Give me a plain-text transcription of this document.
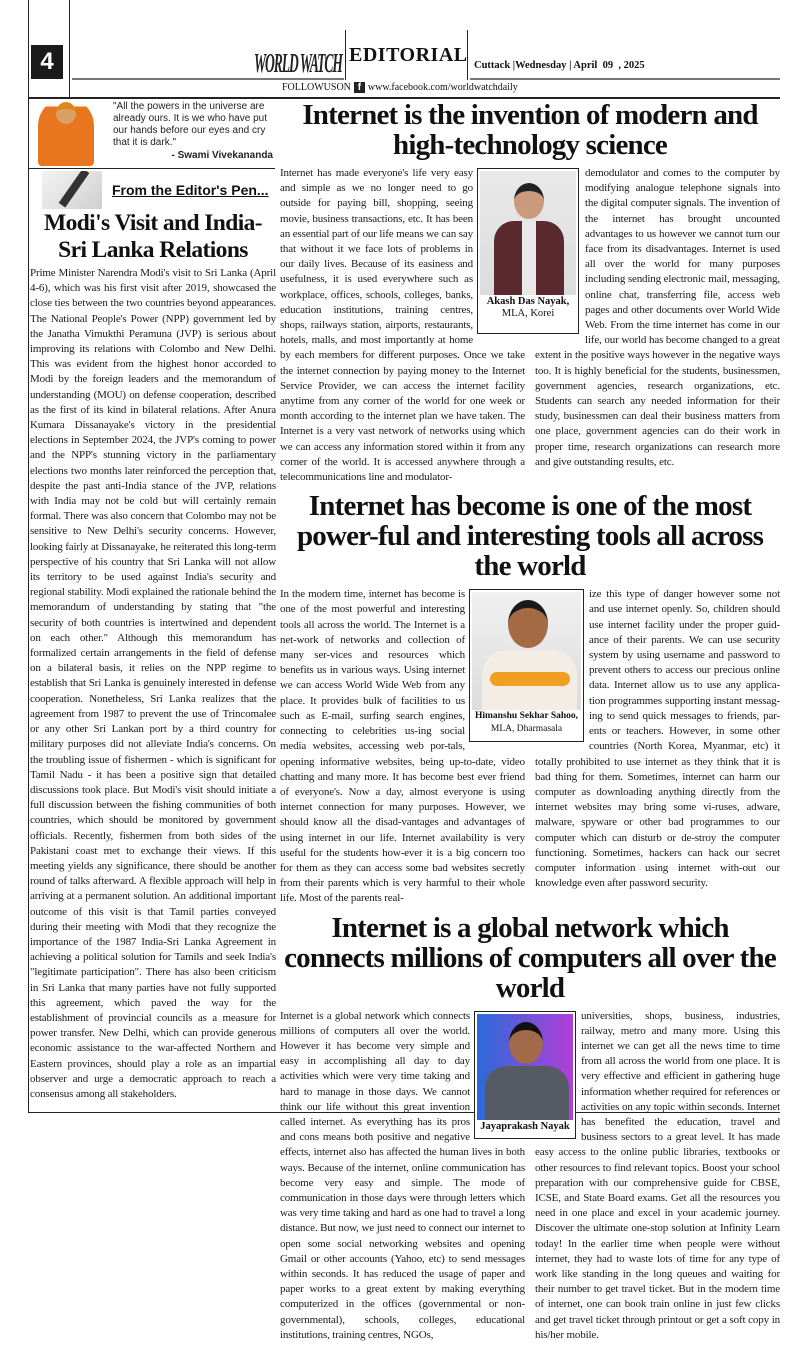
4	WORLD WATCH EDITORIAL Cuttack |Wednesday | April  09  , 2025
FOLLOWUSON f www.facebook.com/worldwatchdaily
"All the powers in the universe are already ours. It is we who have put our hands before our eyes and cry that it is dark."
- Swami Vivekananda
From the Editor's Pen...
Modi's Visit and India-Sri Lanka Relations
Prime Minister Narendra Modi's visit to Sri Lanka (April 4-6), which was his first visit after 2019, showcased the close ties between the two countries beyond appearances. The National People's Power (NPP) government led by the Janatha Vimukthi Peramuna (JVP) is serious about improving its relations with Colombo and New Delhi. This was evident from the highest honor accorded to Modi by the foreign leaders and the memorandum of understanding (MOU) on defense cooperation, described as the first of its kind in bilateral relations. After Anura Kumara Dissanayake's victory in the presidential elections in September 2024, the JVP's coming to power and the NPP's stunning victory in the parliamentary elections two months later reinforced the perception that, despite the past anti-India stance of the JVP, relations with India may not be cold but will certainly remain formal. There was also concern that Colombo may not be sensitive to New Delhi's security concerns. However, looking fairly at Dissanayake, he reiterated this long-term perspective of his country that Sri Lanka will not allow its territory to be used against India's security and regional stability. Modi explained the rationale behind the memorandum of understanding by stating that "the security of both countries is intertwined and dependent on each other." Although this memorandum has formalized certain arrangements in the field of defense on a bilateral basis, it relies on the NPP regime to establish that Sri Lanka is genuinely interested in defense cooperation. Nonetheless, Sri Lanka realizes that the agreement from 1987 to prevent the use of Trincomalee or any other Sri Lankan port by a third country for military purposes did not alleviate India's concerns. On the troubling issue of fishermen - which is significant for Tamil Nadu - it has been a positive sign that detailed discussions took place. But Modi's visit should initiate a full discussion between the fishing communities of both countries, which should be monitored by government officials. Recently, fishermen from both sides of the Pakistani coast met to exchange their views. If this meeting yields any significance, there should be another round of talks afterward. A flexible approach will help in arriving at a permanent solution. An additional important outcome of this visit is that Tamil parties conveyed during their meeting with Modi that they recognize the importance of the 1987 India-Sri Lanka Agreement in achieving a political solution for Tamils and seek India's "legitimate participation". There has also been criticism in Sri Lanka that many parties have not fully supported this agreement, which paved the way for the establishment of provincial councils as a measure for power transfer. New Delhi, which can provide generous economic assistance to the war-affected Northern and Eastern provinces, should play a role as an impartial observer and urge a democratic approach to reach a consensus among all stakeholders.
Internet is the invention of modern and high-technology science
Internet has made everyone's life very easy and simple as we no longer need to go outside for paying bill, shopping, seeing movie, business transactions, etc. It has been an essential part of our life means we can say that without it we face lots of problems in our daily lives. Because of its easiness and usefulness, it is used everywhere such as workplace, offices, schools, colleges, banks, education institutions, training centres, shops, railways station, airports, restaurants, hotels, malls, and most importantly at home by each members for different purposes. Once we take the internet connection by paying money to the Internet Service Provider, we can access the internet facility anytime from any corner of the world for one week or month according to the internet plan we have taken. The Internet is a very vast network of networks using which we can access any information stored within it from any corner of the world. It is accessed anywhere through a telecommunications line and modulator-
demodulator and comes to the computer by modifying analogue telephone signals into the digital computer signals. The invention of the internet has brought uncounted advantages to us however we cannot turn our face from its disadvantages. Internet is used all over the world for many purposes including sending electronic mail, messaging, online chat, transferring file, access web pages and other documents over World Wide Web. From the time internet has come in our life, our world has become changed to a great extent in the positive ways however in the negative ways too. It is highly beneficial for the students, businessmen, government agencies, research organizations, etc. Students can search any needed information for their study, businessmen can deal their business matters from one place, government agencies can do their work in proper time, research organizations can research more and give outstanding results, etc.
Akash Das Nayak,
MLA, Korei
Internet has become is one of the most power-ful and interesting tools all across the world
In the modern time, internet has become is one of the most powerful and interesting tools all across the world. The Internet is a net-work of networks and collection of many ser-vices and resources which benefits us in various ways. Using internet we can access World Wide Web from any place. It provides bulk of facilities to us such as E-mail, surfing search engines, connecting to celebrities us-ing social media websites, accessing web por-tals, opening informative websites, being up-to-date, video chatting and many more. It has become best ever friend of everyone's. Now a day, almost everyone is using internet connection for many purposes. However, we should know all the disad-vantages and advantages of using internet in our life. Internet availability is very useful for the students how-ever it is a big concern too for them as they can access some bad websites secretly from their parents which is very harmful to their whole life. Most of the parents real-
ize this type of danger however some not and use internet openly. So, children should use internet facility under the proper guid-ance of their parents. We can use security system by using username and password to prevent others to access our precious online data. Internet allow us to use any applica-tion programmes supporting instant messag-ing to send quick messages to friends, par-ents or teachers. However, in some other countries (North Korea, Myanmar, etc) it totally prohibited to use internet as they think that it is bad thing for them. Sometimes, internet can harm our computer as downloading anything directly from the internet websites may bring some vi-ruses, adware, malware, spyware or other bad programmes to our computer which can disturb or de-stroy the computer functioning. Sometimes, hackers can hack our secret computer information using internet with-out our knowledge even after password security.
Himanshu Sekhar Sahoo,
MLA, Dharmasala
Internet is a global network which connects millions of computers all over the world
Internet is a global network which connects millions of computers all over the world. However it has become very simple and easy in accomplishing all day to day activities which were very time taking and hard to manage in those days. We cannot think our life without this great invention called internet. As everything has its pros and cons means both positive and negative effects, internet also has affected the human lives in both ways. Because of the internet, online communication has become very easy and simple. The mode of communication in those days were through letters which was very time taking and hard as one had to travel a long distance. But now, we just need to connect our internet to open some social networking websites and opening Gmail or other accounts (Yahoo, etc) to send messages within seconds. It has reduced the usage of paper and paper works to a great extent by making everything computerized in the offices (governmental or non-governmental), schools, colleges, educational institutions, training centres, NGOs,
universities, shops, business, industries, railway, metro and many more. Using this internet we can get all the news time to time from all across the world from one place. It is very effective and efficient in gathering huge information whether required for references or activities on any topic within seconds. Internet has benefited the education, travel and business sectors to a great level. It has made easy access to the online public libraries, textbooks or other resources to find relevant topics. Boost your school preparation with our comprehensive guide for CBSE, ICSE, and State Board exams. Get all the resources you need in one place and excel in your academic journey. Discover the ultimate one-stop solution at Infinity Learn today! In the earlier time when people were without internet, they had to waste lots of time for any type of work like standing in the long queues and waiting for their number to get travel ticket. But in the modern time of internet, one can book train online in just few clicks and get travel ticket through printout or get a soft copy in his/her mobile.
Jayaprakash Nayak
